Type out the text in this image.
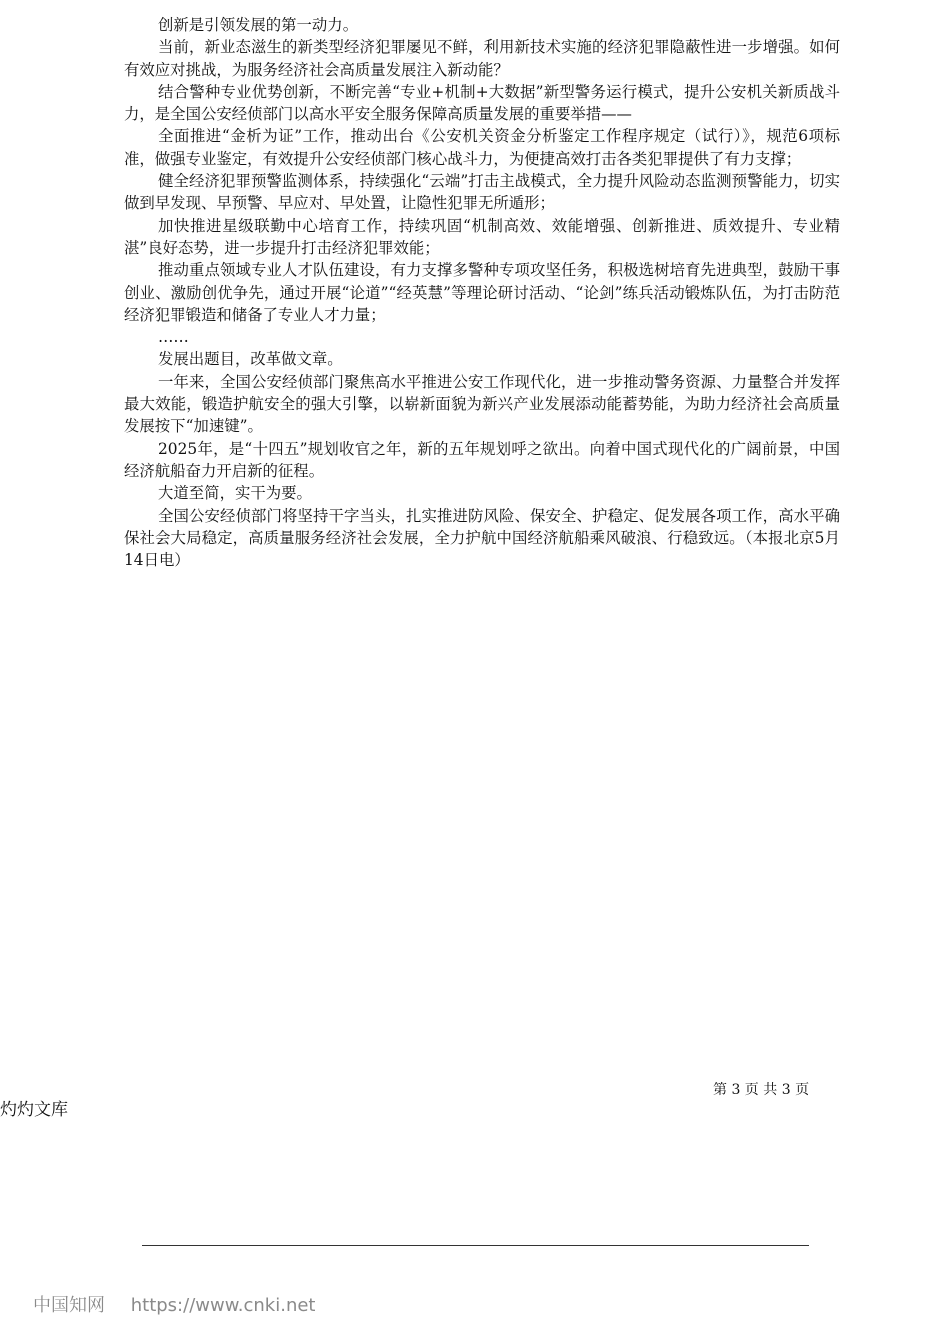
创新是引领发展的第一动力。

当前，新业态滋生的新类型经济犯罪屡见不鲜，利用新技术实施的经济犯罪隐蔽性进一步增强。如何有效应对挑战，为服务经济社会高质量发展注入新动能？

结合警种专业优势创新，不断完善“专业+机制+大数据”新型警务运行模式，提升公安机关新质战斗力，是全国公安经侦部门以高水平安全服务保障高质量发展的重要举措——

全面推进“金析为证”工作，推动出台《公安机关资金分析鉴定工作程序规定（试行）》，规范6项标准，做强专业鉴定，有效提升公安经侦部门核心战斗力，为便捷高效打击各类犯罪提供了有力支撑；

健全经济犯罪预警监测体系，持续强化“云端”打击主战模式，全力提升风险动态监测预警能力，切实做到早发现、早预警、早应对、早处置，让隐性犯罪无所遁形；

加快推进星级联勤中心培育工作，持续巩固“机制高效、效能增强、创新推进、质效提升、专业精湛”良好态势，进一步提升打击经济犯罪效能；

推动重点领域专业人才队伍建设，有力支撑多警种专项攻坚任务，积极选树培育先进典型，鼓励干事创业、激励创优争先，通过开展“论道”“经英慧”等理论研讨活动、“论剑”练兵活动锻炼队伍，为打击防范经济犯罪锻造和储备了专业人才力量；

……

发展出题目，改革做文章。

一年来，全国公安经侦部门聚焦高水平推进公安工作现代化，进一步推动警务资源、力量整合并发挥最大效能，锻造护航安全的强大引擎，以崭新面貌为新兴产业发展添动能蓄势能，为助力经济社会高质量发展按下“加速键”。

2025年，是“十四五”规划收官之年，新的五年规划呼之欲出。向着中国式现代化的广阔前景，中国经济航船奋力开启新的征程。

大道至简，实干为要。

全国公安经侦部门将坚持干字当头，扎实推进防风险、保安全、护稳定、促发展各项工作，高水平确保社会大局稳定，高质量服务经济社会发展，全力护航中国经济航船乘风破浪、行稳致远。（本报北京5月14日电）

第 3 页 共 3 页
灼灼文库
中国知网 https://www.cnki.net
